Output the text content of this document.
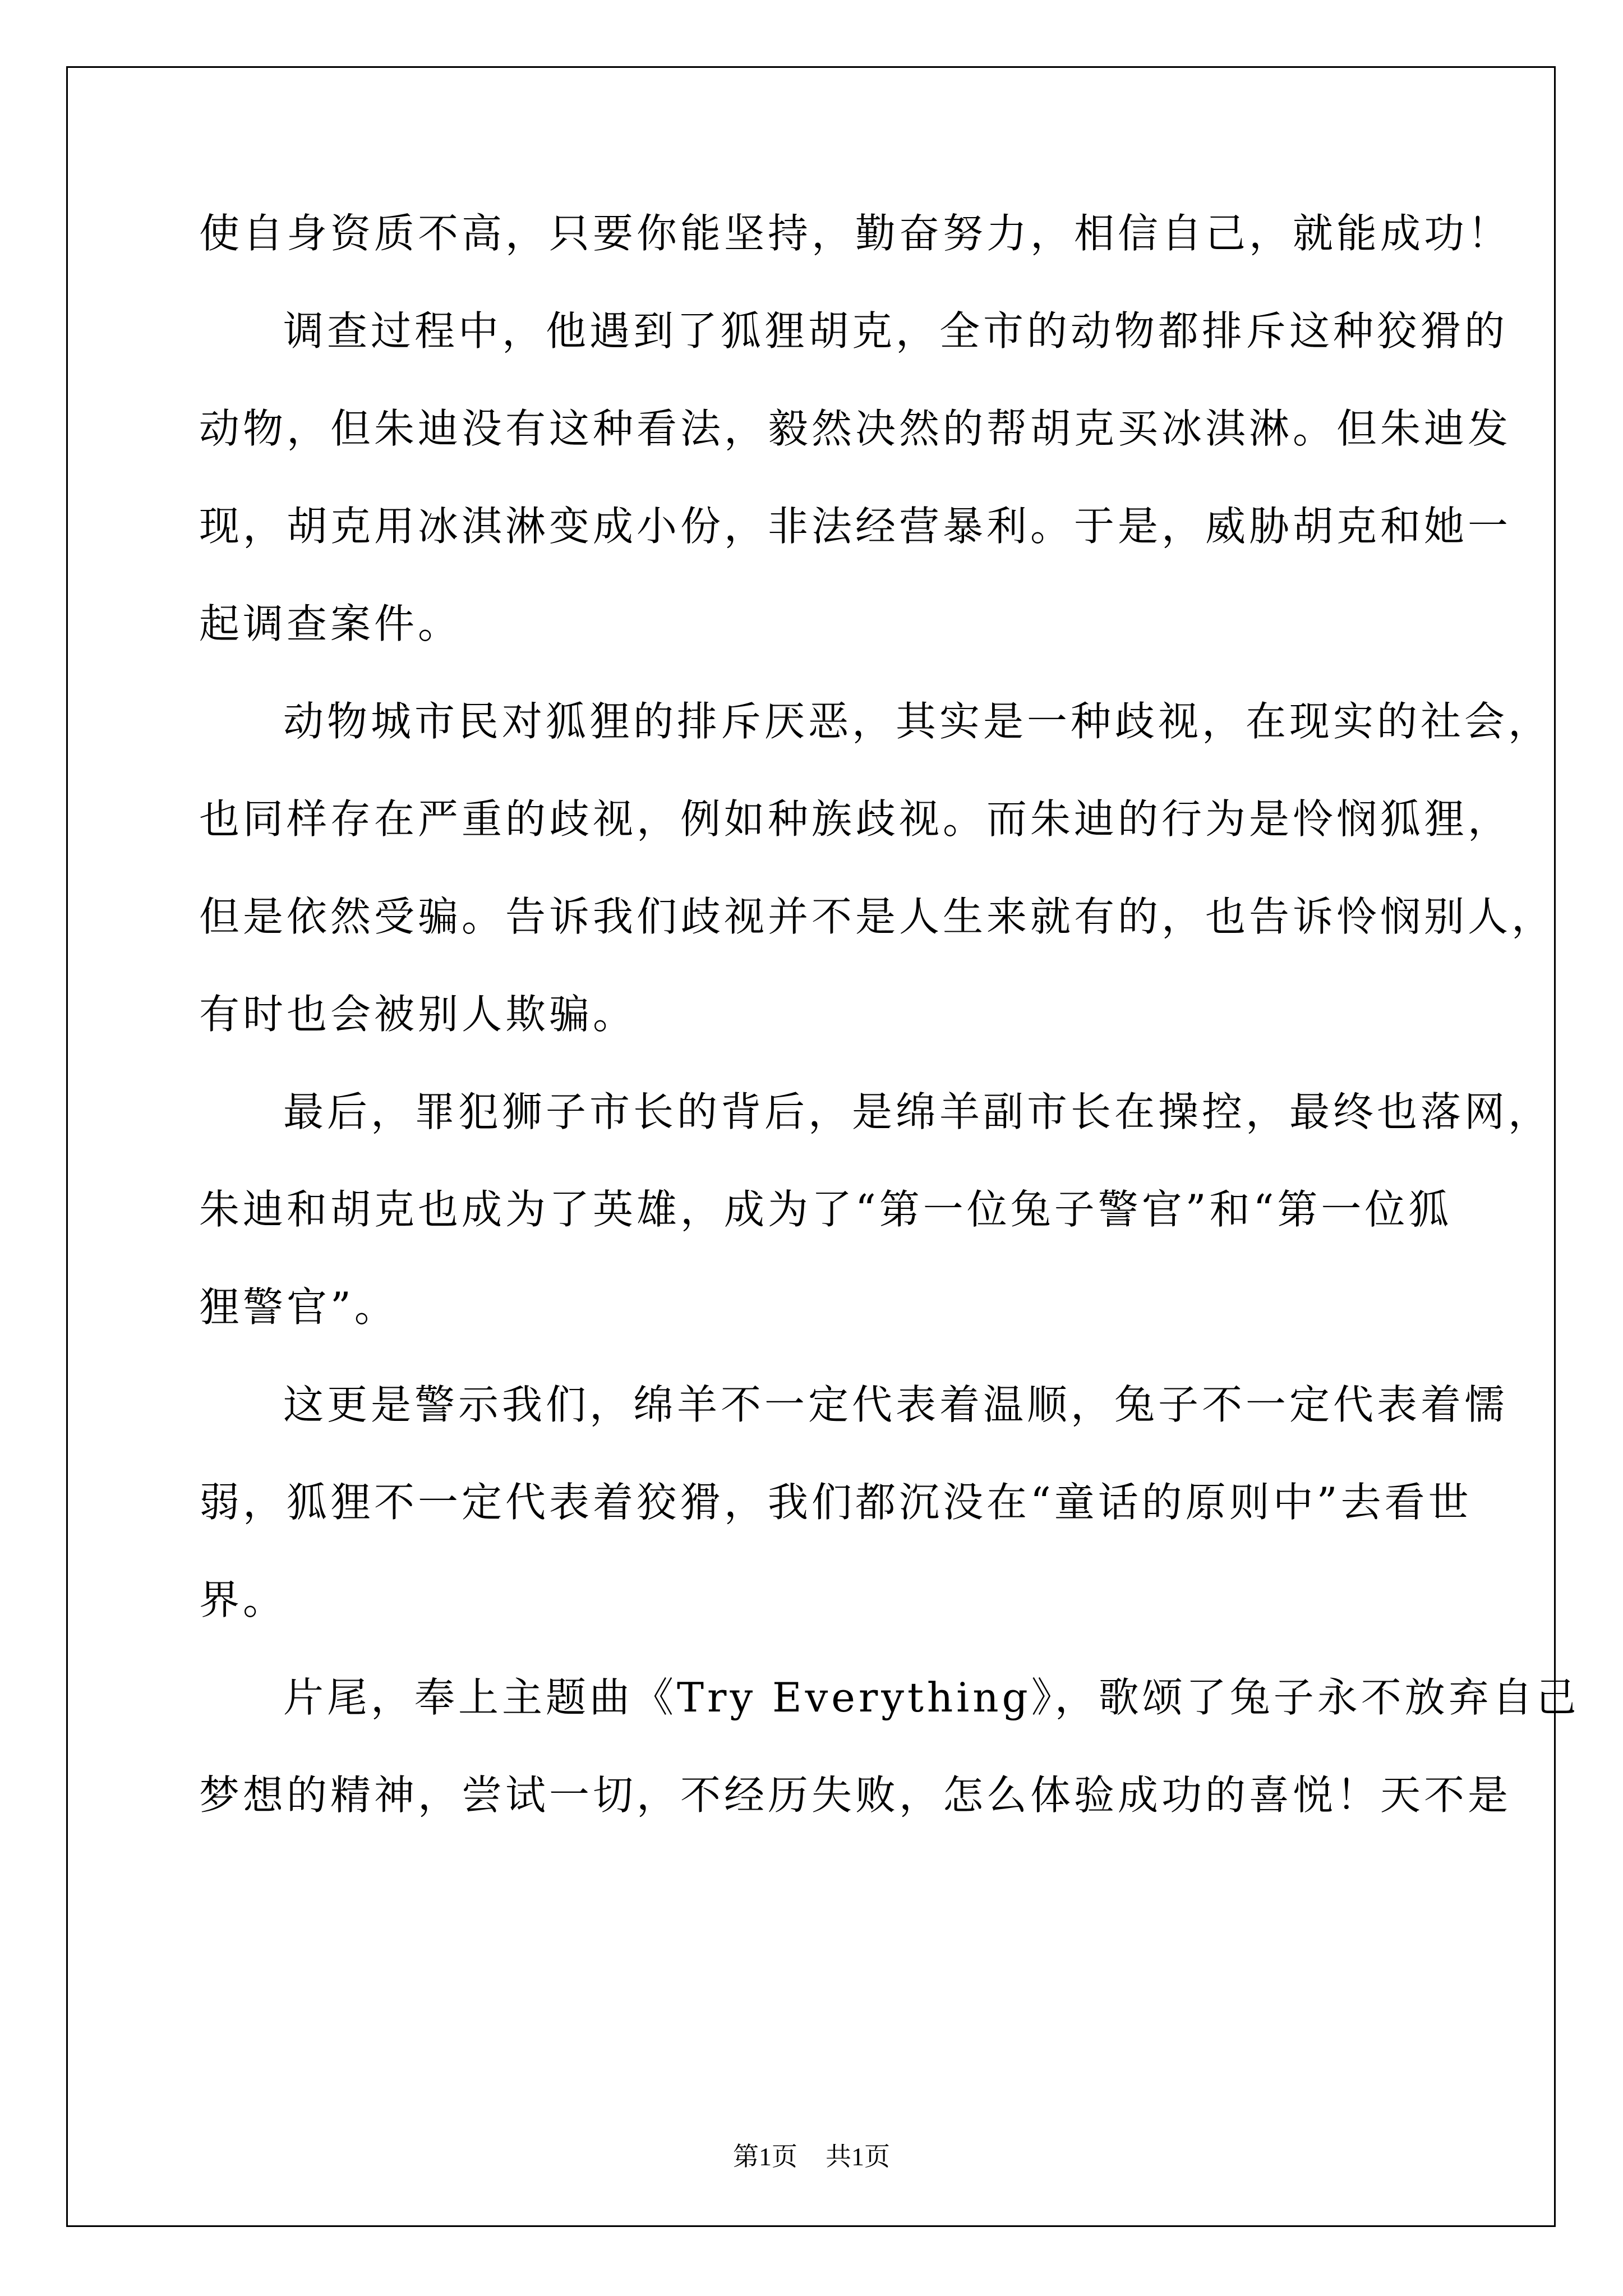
使自身资质不高，只要你能坚持，勤奋努力，相信自己，就能成功！
调查过程中，他遇到了狐狸胡克，全市的动物都排斥这种狡猾的
动物，但朱迪没有这种看法，毅然决然的帮胡克买冰淇淋。但朱迪发
现，胡克用冰淇淋变成小份，非法经营暴利。于是，威胁胡克和她一
起调查案件。
动物城市民对狐狸的排斥厌恶，其实是一种歧视，在现实的社会，
也同样存在严重的歧视，例如种族歧视。而朱迪的行为是怜悯狐狸，
但是依然受骗。告诉我们歧视并不是人生来就有的，也告诉怜悯别人，
有时也会被别人欺骗。
最后，罪犯狮子市长的背后，是绵羊副市长在操控，最终也落网，
朱迪和胡克也成为了英雄，成为了“第一位兔子警官”和“第一位狐
狸警官”。
这更是警示我们，绵羊不一定代表着温顺，兔子不一定代表着懦
弱，狐狸不一定代表着狡猾，我们都沉没在“童话的原则中”去看世
界。
片尾，奉上主题曲《Try Everything》，歌颂了兔子永不放弃自己
梦想的精神，尝试一切，不经历失败，怎么体验成功的喜悦！天不是
第1页 共1页
